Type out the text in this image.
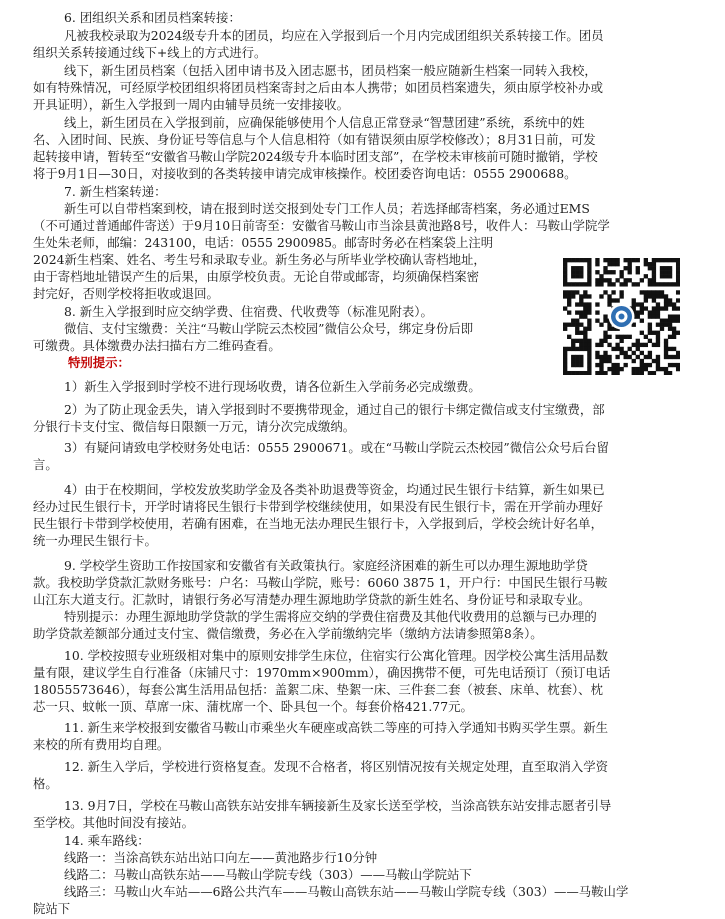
6. 团组织关系和团员档案转接：
凡被我校录取为2024级专升本的团员，均应在入学报到后一个月内完成团组织关系转接工作。团员
组织关系转接通过线下+线上的方式进行。
线下，新生团员档案（包括入团申请书及入团志愿书，团员档案一般应随新生档案一同转入我校，
如有特殊情况，可经原学校团组织将团员档案寄封之后由本人携带；如团员档案遗失，须由原学校补办或
开具证明），新生入学报到一周内由辅导员统一安排接收。
线上，新生团员在入学报到前，应确保能够使用个人信息正常登录“智慧团建”系统，系统中的姓
名、入团时间、民族、身份证号等信息与个人信息相符（如有错误须由原学校修改）；8月31日前，可发
起转接申请，暂转至“安徽省马鞍山学院2024级专升本临时团支部”，在学校未审核前可随时撤销，学校
将于9月1日—30日，对接收到的各类转接申请完成审核操作。校团委咨询电话：0555 2900688。
7. 新生档案转递：
新生可以自带档案到校，请在报到时送交报到处专门工作人员；若选择邮寄档案，务必通过EMS
（不可通过普通邮件寄送）于9月10日前寄至：安徽省马鞍山市当涂县黄池路8号，收件人：马鞍山学院学
生处朱老师，邮编：243100，电话：0555 2900985。邮寄时务必在档案袋上注明
2024新生档案、姓名、考生号和录取专业。新生务必与所毕业学校确认寄档地址，
由于寄档地址错误产生的后果，由原学校负责。无论自带或邮寄，均须确保档案密
封完好，否则学校将拒收或退回。
8. 新生入学报到时应交纳学费、住宿费、代收费等（标准见附表）。
微信、支付宝缴费：关注“马鞍山学院云杰校园”微信公众号，绑定身份后即
可缴费。具体缴费办法扫描右方二维码查看。
特别提示：
1）新生入学报到时学校不进行现场收费，请各位新生入学前务必完成缴费。
2）为了防止现金丢失，请入学报到时不要携带现金，通过自己的银行卡绑定微信或支付宝缴费，部
分银行卡支付宝、微信每日限额一万元，请分次完成缴纳。
3）有疑问请致电学校财务处电话：0555 2900671。或在“马鞍山学院云杰校园”微信公众号后台留
言。
4）由于在校期间，学校发放奖助学金及各类补助退费等资金，均通过民生银行卡结算，新生如果已
经办过民生银行卡，开学时请将民生银行卡带到学校继续使用，如果没有民生银行卡，需在开学前办理好
民生银行卡带到学校使用，若确有困难，在当地无法办理民生银行卡，入学报到后，学校会统计好名单，
统一办理民生银行卡。
9. 学校学生资助工作按国家和安徽省有关政策执行。家庭经济困难的新生可以办理生源地助学贷
款。我校助学贷款汇款财务账号：户名：马鞍山学院，账号：6060 3875 1，开户行：中国民生银行马鞍
山江东大道支行。汇款时，请银行务必写清楚办理生源地助学贷款的新生姓名、身份证号和录取专业。
特别提示：办理生源地助学贷款的学生需将应交纳的学费住宿费及其他代收费用的总额与已办理的
助学贷款差额部分通过支付宝、微信缴费，务必在入学前缴纳完毕（缴纳方法请参照第8条）。
10. 学校按照专业班级相对集中的原则安排学生床位，住宿实行公寓化管理。因学校公寓生活用品数
量有限，建议学生自行准备（床铺尺寸：1970mm×900mm），确因携带不便，可先电话预订（预订电话
18055573646），每套公寓生活用品包括：盖絮二床、垫絮一床、三件套二套（被套、床单、枕套）、枕
芯一只、蚊帐一顶、草席一床、蒲枕席一个、卧具包一个。每套价格421.77元。
11. 新生来学校报到安徽省马鞍山市乘坐火车硬座或高铁二等座的可持入学通知书购买学生票。新生
来校的所有费用均自理。
12. 新生入学后，学校进行资格复查。发现不合格者，将区别情况按有关规定处理，直至取消入学资
格。
13. 9月7日，学校在马鞍山高铁东站安排车辆接新生及家长送至学校，当涂高铁东站安排志愿者引导
至学校。其他时间没有接站。
14. 乘车路线：
线路一：当涂高铁东站出站口向左——黄池路步行10分钟
线路二：马鞍山高铁东站——马鞍山学院专线（303）——马鞍山学院站下
线路三：马鞍山火车站——6路公共汽车——马鞍山高铁东站——马鞍山学院专线（303）——马鞍山学
院站下
